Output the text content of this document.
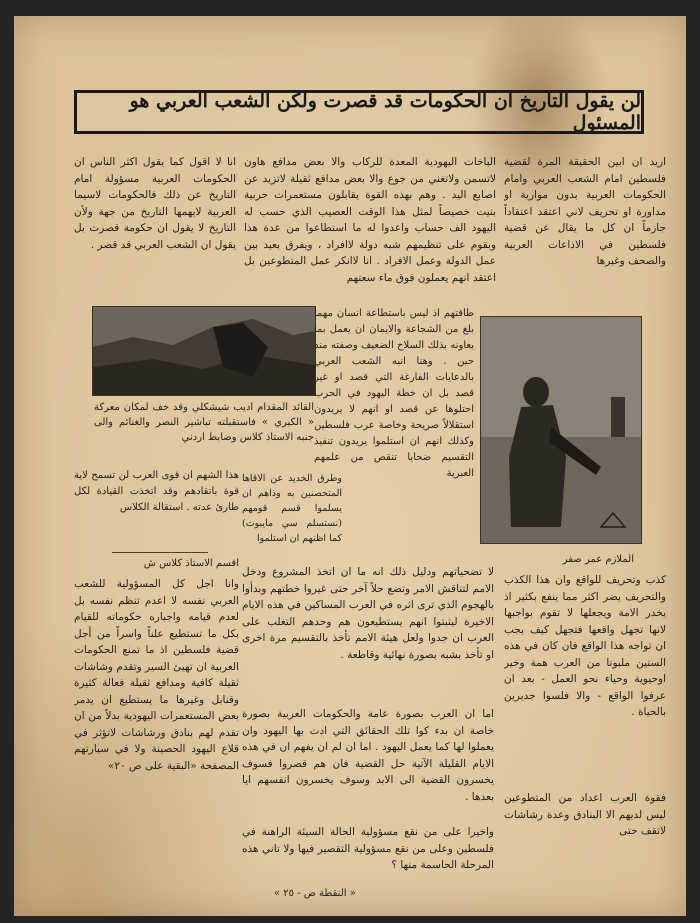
لن يقول التاريخ ان الحكومات قد قصرت ولكن الشعب العربي هو المسئول

اريد ان ابين الحقيقة المرة لقضية فلسطين امام الشعب العربي وامام الحكومات العربية بدون موارية او مداورة او تحريف لاني اعتقد اعتقاداً جازماً ان كل ما يقال عن قضية فلسطين في الاذاعات العربية والصحف وغيرها

الباخات اليهودية المعدة للركاب والا بعض مدافع هاون لاتسمن ولاتغني من جوع والا بعض مدافع ثقيلة لاتزيد عن اصابع اليد . وهم بهذه القوة يقابلون مستعمرات حربية بنيت خصيصاً لمثل هذا الوقت العصيب الذي حسب له اليهود الف حساب واعدوا له ما استطاعوا من عدة هذا وبقوم على تنظيمهم شبه دولة لاافراد ، ويفرق بعيد بين عمل الدولة وعمل الافراد . انا لاانكر عمل المتطوعين بل اعتقد انهم يعملون فوق ماء سعتهم

انا لا اقول كما يقول اكثر الناس ان الحكومات العربية مسؤولة امام التاريخ عن ذلك فالحكومات لاسيما العربية لايهمها التاريخ من جهة ولأن التاريخ لا يقول ان حكومة قصرت بل يقول ان الشعب العربي قد قصر .

طاقتهم اذ ليس باستطاعة انسان مهما بلغ من الشجاعة والايمان ان يعمل بما يعاونه بذلك السلاح الضعيف وصفته مند حين . وهنا انبه الشعب العربي بالدعايات الفارغة التي قصد او غير قصد بل ان خطة اليهود في الحرب احتلوها عن قصد او انهم لا يريدون استقلالاً صريحة وخاصة عرب فلسطين وكذلك انهم ان استلموا يريدون تنفيذ التقسيم ضحايا تنقص من علمهم العبرية

القائد المقدام اديب شيشكلي وقد خف لمكان معركة « الكبري » فاستقبلته تباشير النصر والغنائم والى جنبه الاستاذ كلاس وضابط اردني

هذا الشهم ان قوى العرب لن تسمح لاية قوة باتقادهم وقد اتخذت القيادة لكل طارئ عدته . استقالة الكلاس

وطرق الخديد عن الاقاها المتحصنين به وذاهم ان يسلموا قسم قومهم (نستسلم سي مايبوت) كما اظنهم ان استلموا

الملازم عمر صفر

كذب وتحريف للواقع وان هذا الكذب والتحريف يضر اكثر مما ينفع بكثير اذ يخدر الامة ويجعلها لا تقوم بواجبها لانها تجهل واقعها فتجهل كيف يجب ان تواجه هذا الواقع فان كان في هذه السنين ملبونا من العرب همة وخير اوحيوية وحياء نحو العمل - بعد ان عرفوا الواقع - والا فلسوا جديرين بالحياة .

فقوة العرب اعداد من المتطوعين ليس لديهم الا البنادق وعدة رشاشات لاتقف حتى

اقسم الاستاذ كلاس ش

وانا اجل كل المسؤولية للشعب العربي نفسه لا اعدم تنظم نفسه بل لعدم قيامه واجباره حكوماته للقيام بكل ما تستطيع علناً واسراً من أجل قضية فلسطين اذ ما تمنع الحكومات العربية ان تهيئ السير وتقدم وشاشات ثقيلة كافية ومدافع ثقيلة فعالة كثيرة وقنابل وغيرها ما يستطيع ان يدمر بعض المستعمرات اليهودية بدلاً من ان تقدم لهم بنادق ورشاشات لاتؤثر في قلاع اليهود الحصينة ولا في سيارتهم المصفحة «البقية على ص ٢٠»

لا تضحياتهم ودليل ذلك انه ما ان اتخذ المشروع ودخل الامم لتناقش الامر وتضع حلاً آخر حتى غيروا خطتهم وبدأوا بالهجوم الذي ترى اثره في العرب المساكين في هذه الايام الاخيرة ليثبتوا انهم يستطيعون هم وحدهم التغلب على العرب ان جدوا ولعل هيئة الامم تأخذ بالتقسيم مرة اخرى او تأخذ بشبه بصورة نهائية وقاطعة .

اما ان العرب بصورة عامة والحكومات العربية بصورة خاصة ان بدء كوا تلك الحقائق التي ادت بها اليهود وان يعملوا لها كما يعمل اليهود . اما ان لم ان يفهم ان في هذه الايام القليلة الآتية حل القضية فان هم قصروا فسوف يخسرون القضية الى الابد وسوف يخسرون انفسهم ايا بعدها .

واخيرا على من نقع مسؤولية الحالة السيئة الراهنة في فلسطين وعلى من نقع مسؤولية التقصير فيها ولا تاني هذه المرحلة الحاسمة منها ؟

« النقطة ص - ٢٥ »
